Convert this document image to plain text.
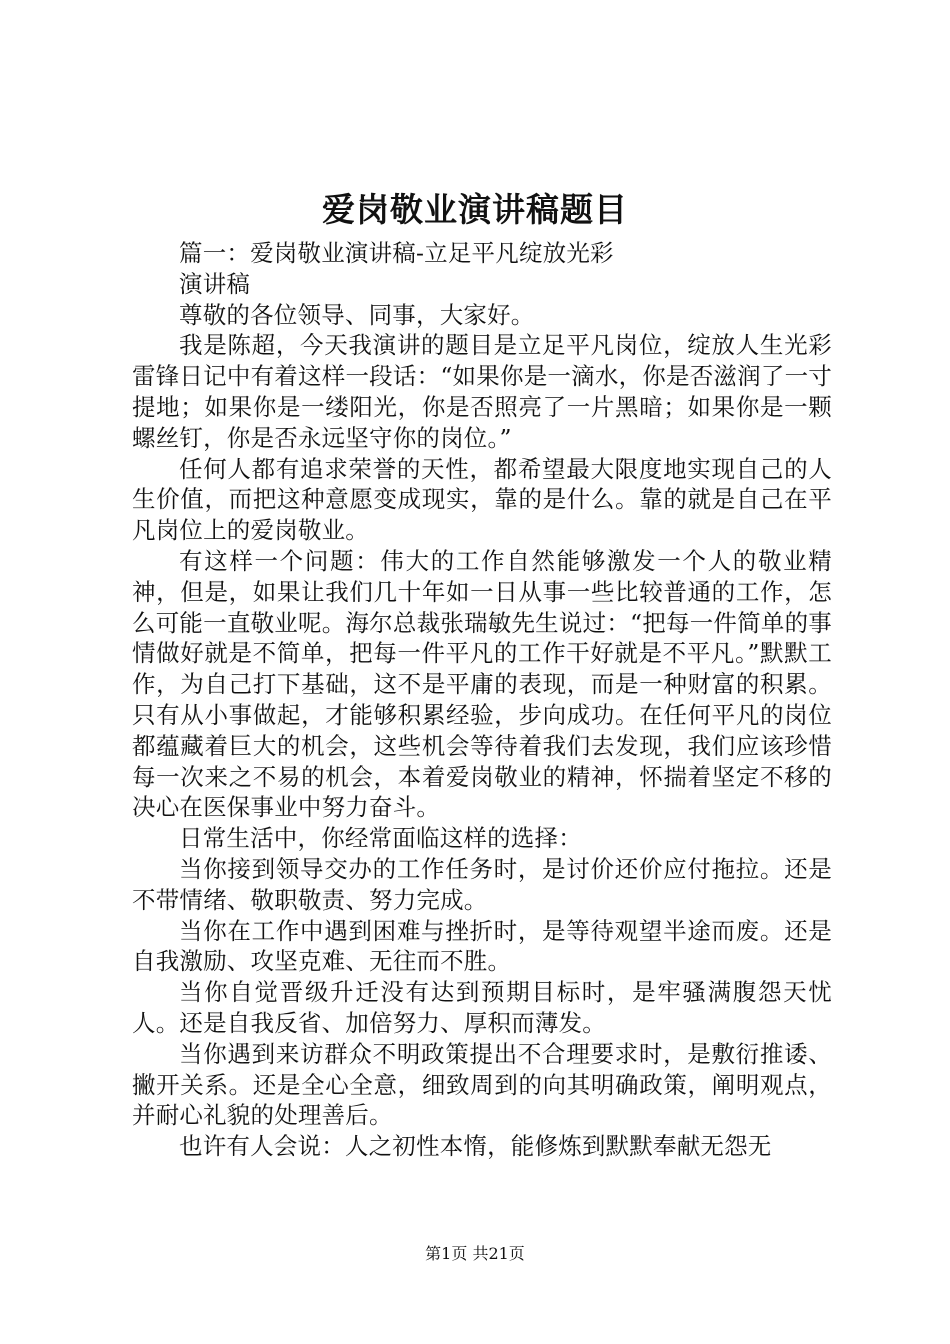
爱岗敬业演讲稿题目

篇一：爱岗敬业演讲稿-立足平凡绽放光彩

演讲稿

尊敬的各位领导、同事，大家好。

我是陈超，今天我演讲的题目是立足平凡岗位，绽放人生光彩雷锋日记中有着这样一段话：“如果你是一滴水，你是否滋润了一寸提地；如果你是一缕阳光，你是否照亮了一片黑暗；如果你是一颗螺丝钉，你是否永远坚守你的岗位。”

任何人都有追求荣誉的天性，都希望最大限度地实现自己的人生价值，而把这种意愿变成现实，靠的是什么。靠的就是自己在平凡岗位上的爱岗敬业。

有这样一个问题：伟大的工作自然能够激发一个人的敬业精神，但是，如果让我们几十年如一日从事一些比较普通的工作，怎么可能一直敬业呢。海尔总裁张瑞敏先生说过：“把每一件简单的事情做好就是不简单，把每一件平凡的工作干好就是不平凡。”默默工作，为自己打下基础，这不是平庸的表现，而是一种财富的积累。只有从小事做起，才能够积累经验，步向成功。在任何平凡的岗位都蕴藏着巨大的机会，这些机会等待着我们去发现，我们应该珍惜每一次来之不易的机会，本着爱岗敬业的精神，怀揣着坚定不移的决心在医保事业中努力奋斗。

日常生活中，你经常面临这样的选择：

当你接到领导交办的工作任务时，是讨价还价应付拖拉。还是不带情绪、敬职敬责、努力完成。

当你在工作中遇到困难与挫折时，是等待观望半途而废。还是自我激励、攻坚克难、无往而不胜。

当你自觉晋级升迁没有达到预期目标时，是牢骚满腹怨天忧人。还是自我反省、加倍努力、厚积而薄发。

当你遇到来访群众不明政策提出不合理要求时，是敷衍推诿、撇开关系。还是全心全意，细致周到的向其明确政策，阐明观点，并耐心礼貌的处理善后。

也许有人会说：人之初性本惰，能修炼到默默奉献无怨无

第1页 共21页
